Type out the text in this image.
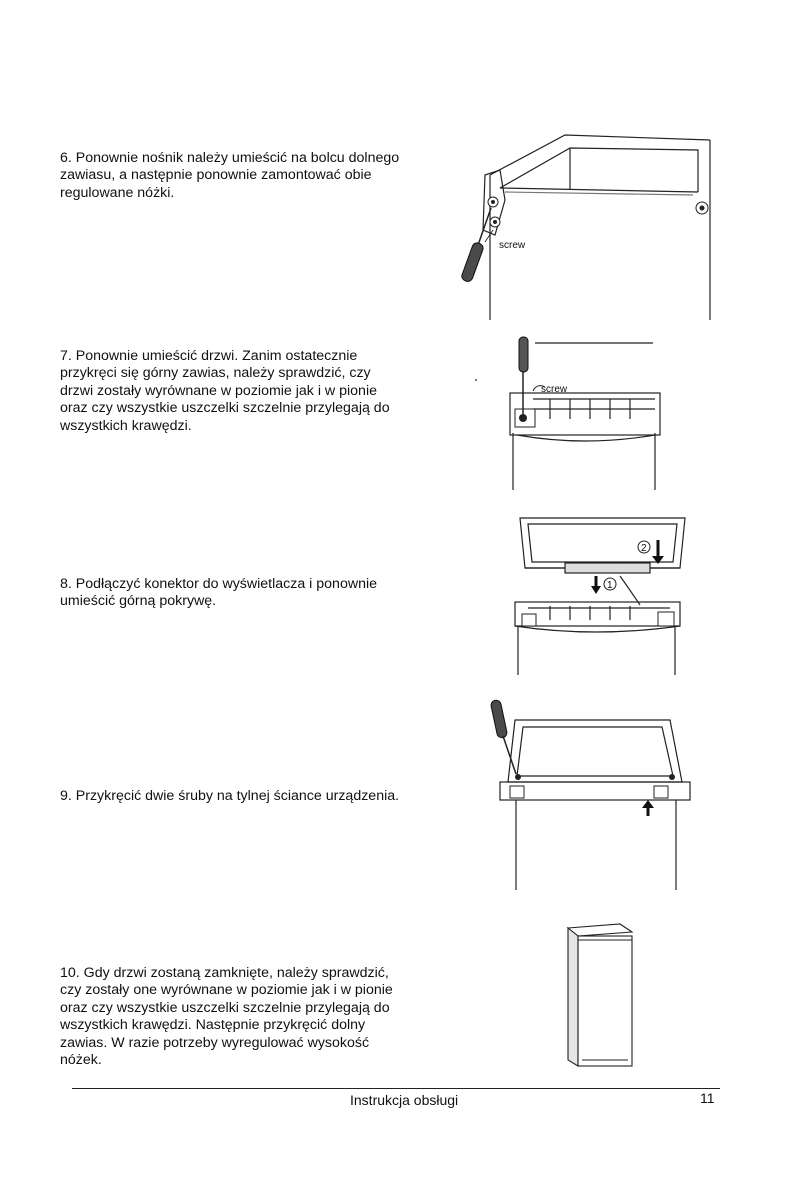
6. Ponownie nośnik należy umieścić na bolcu dolnego zawiasu, a następnie ponownie zamontować obie regulowane nóżki.
7. Ponownie umieścić drzwi. Zanim ostatecznie przykręci się górny zawias, należy sprawdzić, czy drzwi zostały wyrównane w poziomie jak i w pionie oraz czy wszystkie uszczelki szczelnie przylegają do wszystkich krawędzi.
8. Podłączyć konektor do wyświetlacza i ponownie umieścić górną pokrywę.
9. Przykręcić dwie śruby na tylnej ściance urządzenia.
10. Gdy drzwi zostaną zamknięte, należy sprawdzić, czy zostały one wyrównane w poziomie jak i w pionie oraz czy wszystkie uszczelki szczelnie przylegają do wszystkich krawędzi. Następnie przykręcić dolny zawias. W razie potrzeby wyregulować wysokość nóżek.
screw
screw
2
1
Instrukcja obsługi	11
